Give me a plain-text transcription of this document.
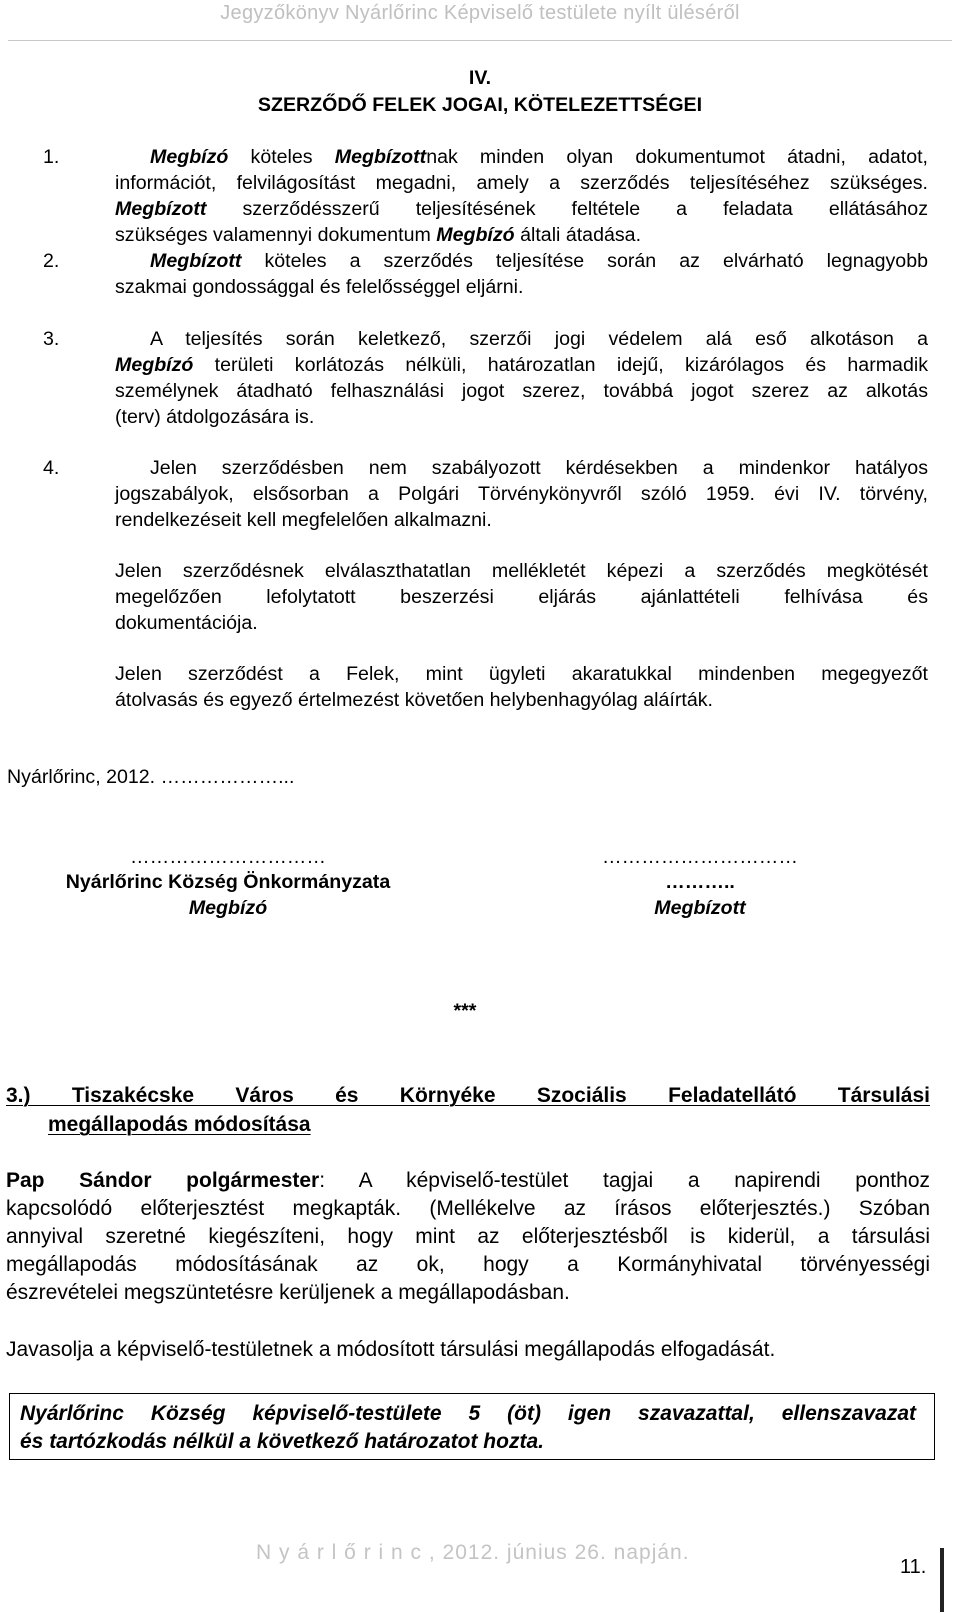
Jegyzőkönyv Nyárlőrinc Képviselő testülete nyílt üléséről
IV.
SZERZŐDŐ FELEK JOGAI, KÖTELEZETTSÉGEI
1.	Megbízó köteles Megbízottnak minden olyan dokumentumot átadni, adatot,
információt, felvilágosítást megadni, amely a szerződés teljesítéséhez szükséges.
Megbízott szerződésszerű teljesítésének feltétele a feladata ellátásához
szükséges valamennyi dokumentum Megbízó általi átadása.
2.	Megbízott köteles a szerződés teljesítése során az elvárható legnagyobb
szakmai gondossággal és felelősséggel eljárni.
3.	A teljesítés során keletkező, szerzői jogi védelem alá eső alkotáson a
Megbízó területi korlátozás nélküli, határozatlan idejű, kizárólagos és harmadik
személynek átadható felhasználási jogot szerez, továbbá jogot szerez az alkotás
(terv) átdolgozására is.
4.	Jelen szerződésben nem szabályozott kérdésekben a mindenkor hatályos
jogszabályok, elsősorban a Polgári Törvénykönyvről szóló 1959. évi IV. törvény,
rendelkezéseit kell megfelelően alkalmazni.
Jelen szerződésnek elválaszthatatlan mellékletét képezi a szerződés megkötését
megelőzően lefolytatott beszerzési eljárás ajánlattételi felhívása és
dokumentációja.
Jelen szerződést a Felek, mint ügyleti akaratukkal mindenben megegyezőt
átolvasás és egyező értelmezést követően helybenhagyólag aláírták.
Nyárlőrinc, 2012. ………………...
…………………………
Nyárlőrinc Község Önkormányzata
Megbízó
…………………………
………..
Megbízott
***
3.) Tiszakécske Város és Környéke Szociális Feladatellátó Társulási
megállapodás módosítása
Pap Sándor polgármester: A képviselő-testület tagjai a napirendi ponthoz
kapcsolódó előterjesztést megkapták. (Mellékelve az írásos előterjesztés.) Szóban
annyival szeretné kiegészíteni, hogy mint az előterjesztésből is kiderül, a társulási
megállapodás módosításának az ok, hogy a Kormányhivatal törvényességi
észrevételei megszüntetésre kerüljenek a megállapodásban.
Javasolja a képviselő-testületnek a módosított társulási megállapodás elfogadását.
Nyárlőrinc Község képviselő-testülete 5 (öt) igen szavazattal, ellenszavazat
és tartózkodás nélkül a következő határozatot hozta.
N y á r l ő r i n c , 2012. június 26. napján.
11.
